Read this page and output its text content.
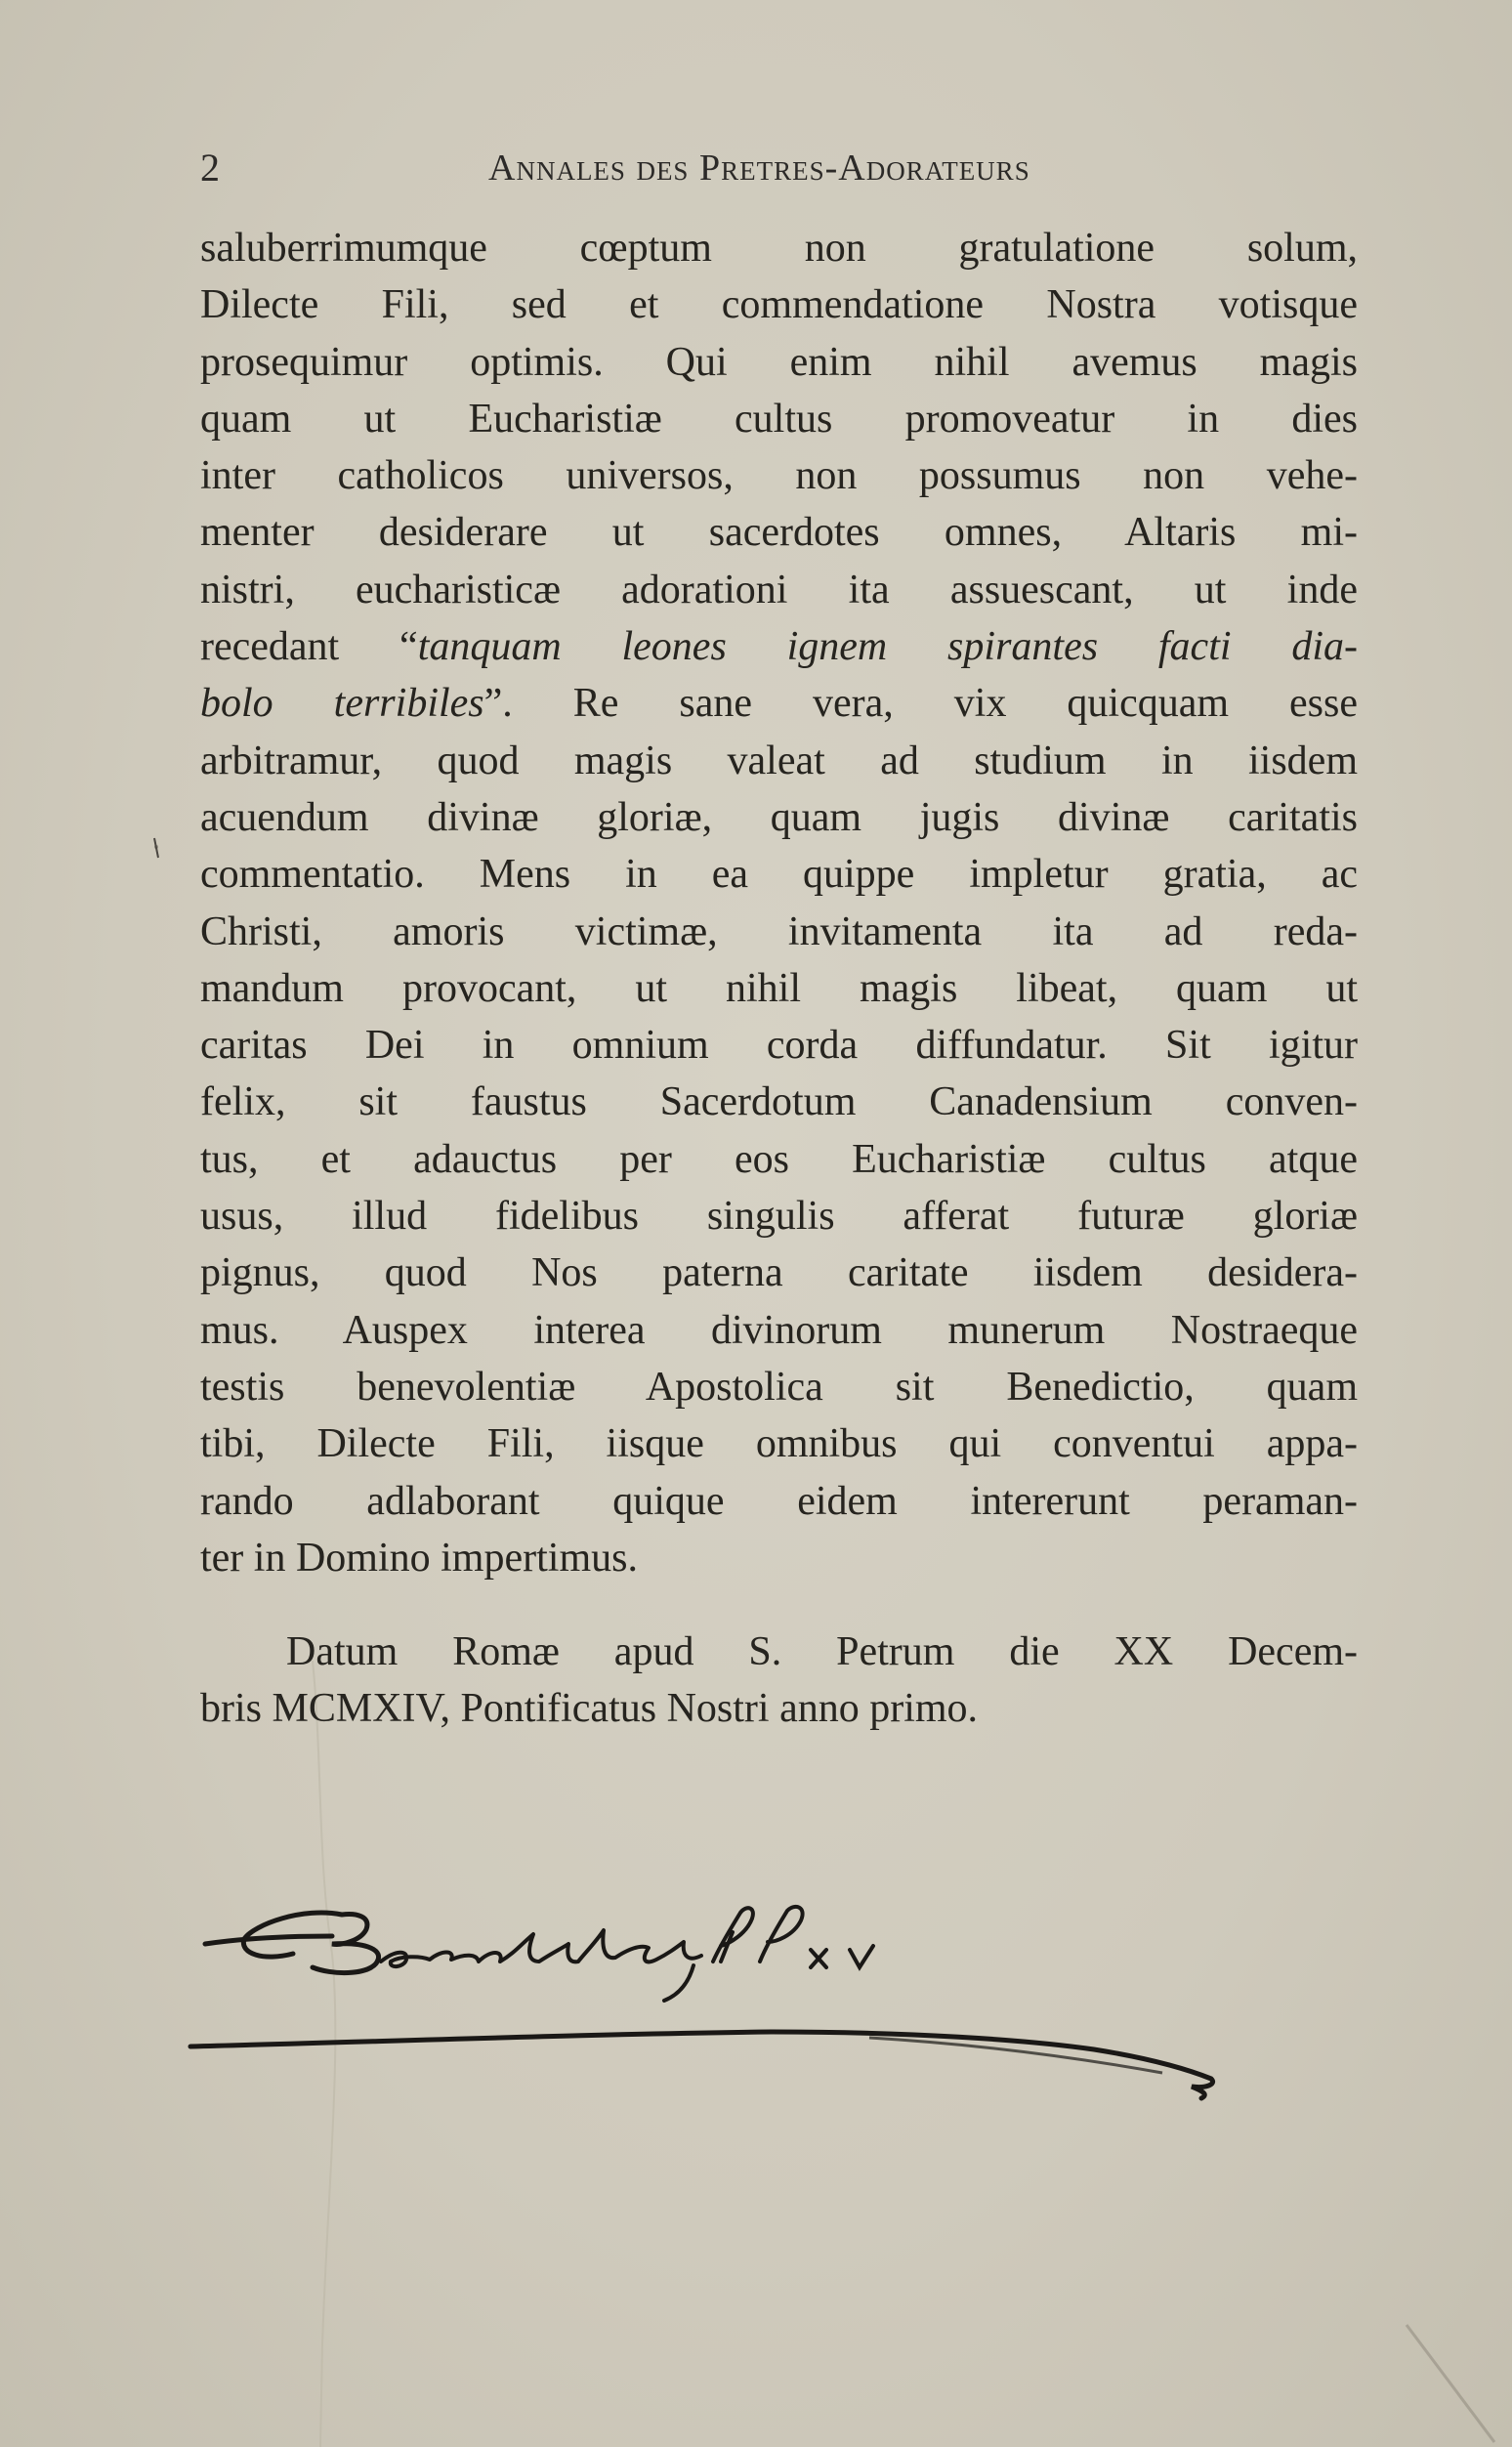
2	Annales des Pretres-Adorateurs
saluberrimumque cœptum non gratulatione solum,
Dilecte Fili, sed et commendatione Nostra votisque
prosequimur optimis. Qui enim nihil avemus magis
quam ut Eucharistiæ cultus promoveatur in dies
inter catholicos universos, non possumus non vehe-
menter desiderare ut sacerdotes omnes, Altaris mi-
nistri, eucharisticæ adorationi ita assuescant, ut inde
recedant “tanquam leones ignem spirantes facti dia-
bolo terribiles”. Re sane vera, vix quicquam esse
arbitramur, quod magis valeat ad studium in iisdem
acuendum divinæ gloriæ, quam jugis divinæ caritatis
commentatio. Mens in ea quippe impletur gratia, ac
Christi, amoris victimæ, invitamenta ita ad reda-
mandum provocant, ut nihil magis libeat, quam ut
caritas Dei in omnium corda diffundatur. Sit igitur
felix, sit faustus Sacerdotum Canadensium conven-
tus, et adauctus per eos Eucharistiæ cultus atque
usus, illud fidelibus singulis afferat futuræ gloriæ
pignus, quod Nos paterna caritate iisdem desidera-
mus. Auspex interea divinorum munerum Nostraeque
testis benevolentiæ Apostolica sit Benedictio, quam
tibi, Dilecte Fili, iisque omnibus qui conventui appa-
rando adlaborant quique eidem intererunt peraman-
ter in Domino impertimus.
Datum Romæ apud S. Petrum die XX Decem-
bris MCMXIV, Pontificatus Nostri anno primo.
